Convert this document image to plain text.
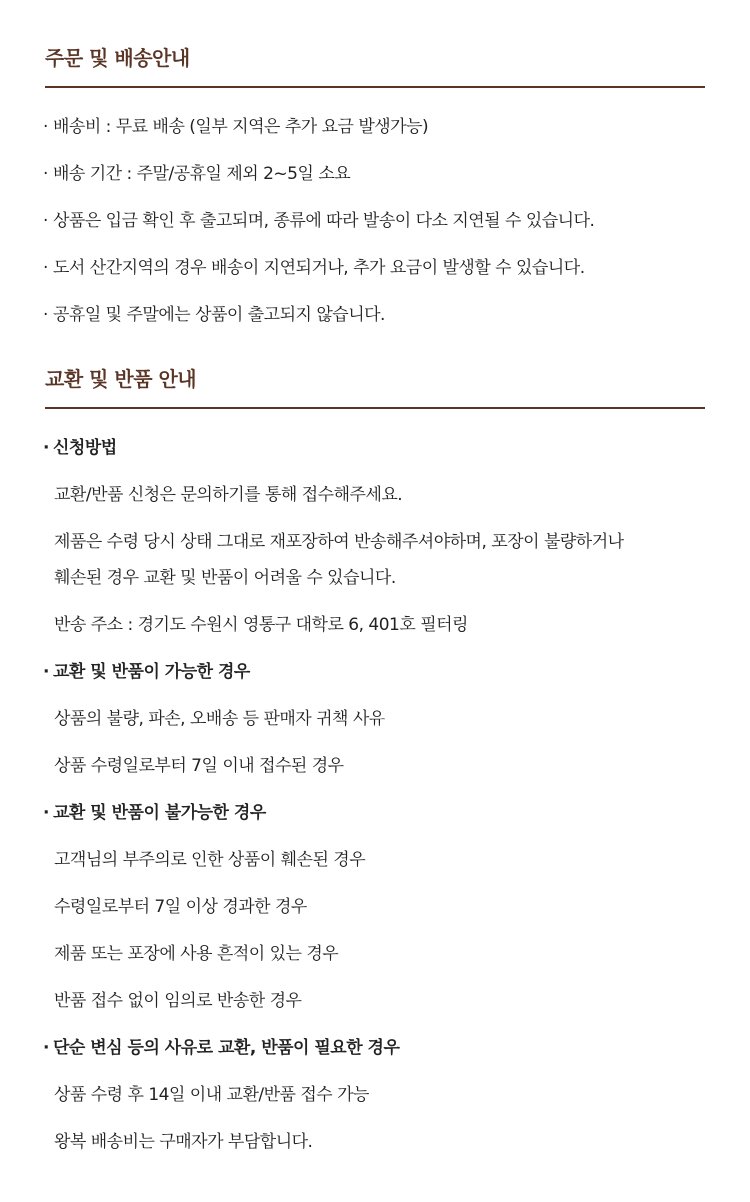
주문 및 배송안내
· 배송비 : 무료 배송 (일부 지역은 추가 요금 발생가능)
· 배송 기간 : 주말/공휴일 제외 2~5일 소요
· 상품은 입금 확인 후 출고되며, 종류에 따라 발송이 다소 지연될 수 있습니다.
· 도서 산간지역의 경우 배송이 지연되거나, 추가 요금이 발생할 수 있습니다.
· 공휴일 및 주말에는 상품이 출고되지 않습니다.
교환 및 반품 안내
· 신청방법
교환/반품 신청은 문의하기를 통해 접수해주세요.
제품은 수령 당시 상태 그대로 재포장하여 반송해주셔야하며, 포장이 불량하거나
훼손된 경우 교환 및 반품이 어려울 수 있습니다.
반송 주소 : 경기도 수원시 영통구 대학로 6, 401호 필터링
· 교환 및 반품이 가능한 경우
상품의 불량, 파손, 오배송 등 판매자 귀책 사유
상품 수령일로부터 7일 이내 접수된 경우
· 교환 및 반품이 불가능한 경우
고객님의 부주의로 인한 상품이 훼손된 경우
수령일로부터 7일 이상 경과한 경우
제품 또는 포장에 사용 흔적이 있는 경우
반품 접수 없이 임의로 반송한 경우
· 단순 변심 등의 사유로 교환, 반품이 필요한 경우
상품 수령 후 14일 이내 교환/반품 접수 가능
왕복 배송비는 구매자가 부담합니다.
